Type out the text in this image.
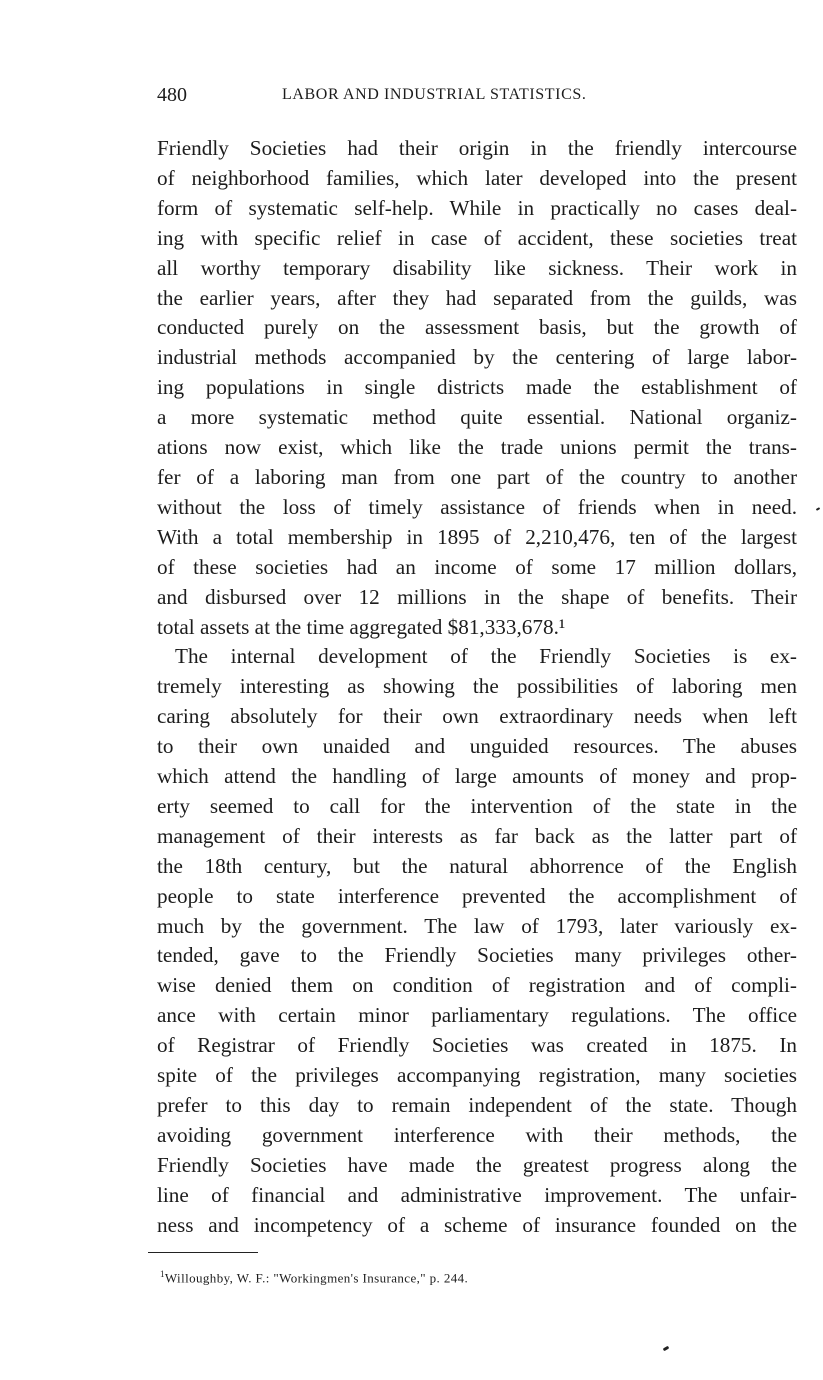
480	LABOR AND INDUSTRIAL STATISTICS.
Friendly Societies had their origin in the friendly intercourse
of neighborhood families, which later developed into the present
form of systematic self-help. While in practically no cases deal-
ing with specific relief in case of accident, these societies treat
all worthy temporary disability like sickness. Their work in
the earlier years, after they had separated from the guilds, was
conducted purely on the assessment basis, but the growth of
industrial methods accompanied by the centering of large labor-
ing populations in single districts made the establishment of
a more systematic method quite essential. National organiz-
ations now exist, which like the trade unions permit the trans-
fer of a laboring man from one part of the country to another
without the loss of timely assistance of friends when in need.
With a total membership in 1895 of 2,210,476, ten of the largest
of these societies had an income of some 17 million dollars,
and disbursed over 12 millions in the shape of benefits. Their
total assets at the time aggregated $81,333,678.¹
The internal development of the Friendly Societies is ex-
tremely interesting as showing the possibilities of laboring men
caring absolutely for their own extraordinary needs when left
to their own unaided and unguided resources. The abuses
which attend the handling of large amounts of money and prop-
erty seemed to call for the intervention of the state in the
management of their interests as far back as the latter part of
the 18th century, but the natural abhorrence of the English
people to state interference prevented the accomplishment of
much by the government. The law of 1793, later variously ex-
tended, gave to the Friendly Societies many privileges other-
wise denied them on condition of registration and of compli-
ance with certain minor parliamentary regulations. The office
of Registrar of Friendly Societies was created in 1875. In
spite of the privileges accompanying registration, many societies
prefer to this day to remain independent of the state. Though
avoiding government interference with their methods, the
Friendly Societies have made the greatest progress along the
line of financial and administrative improvement. The unfair-
ness and incompetency of a scheme of insurance founded on the
$^1$Willoughby, W. F.: "Workingmen's Insurance," p. 244.
